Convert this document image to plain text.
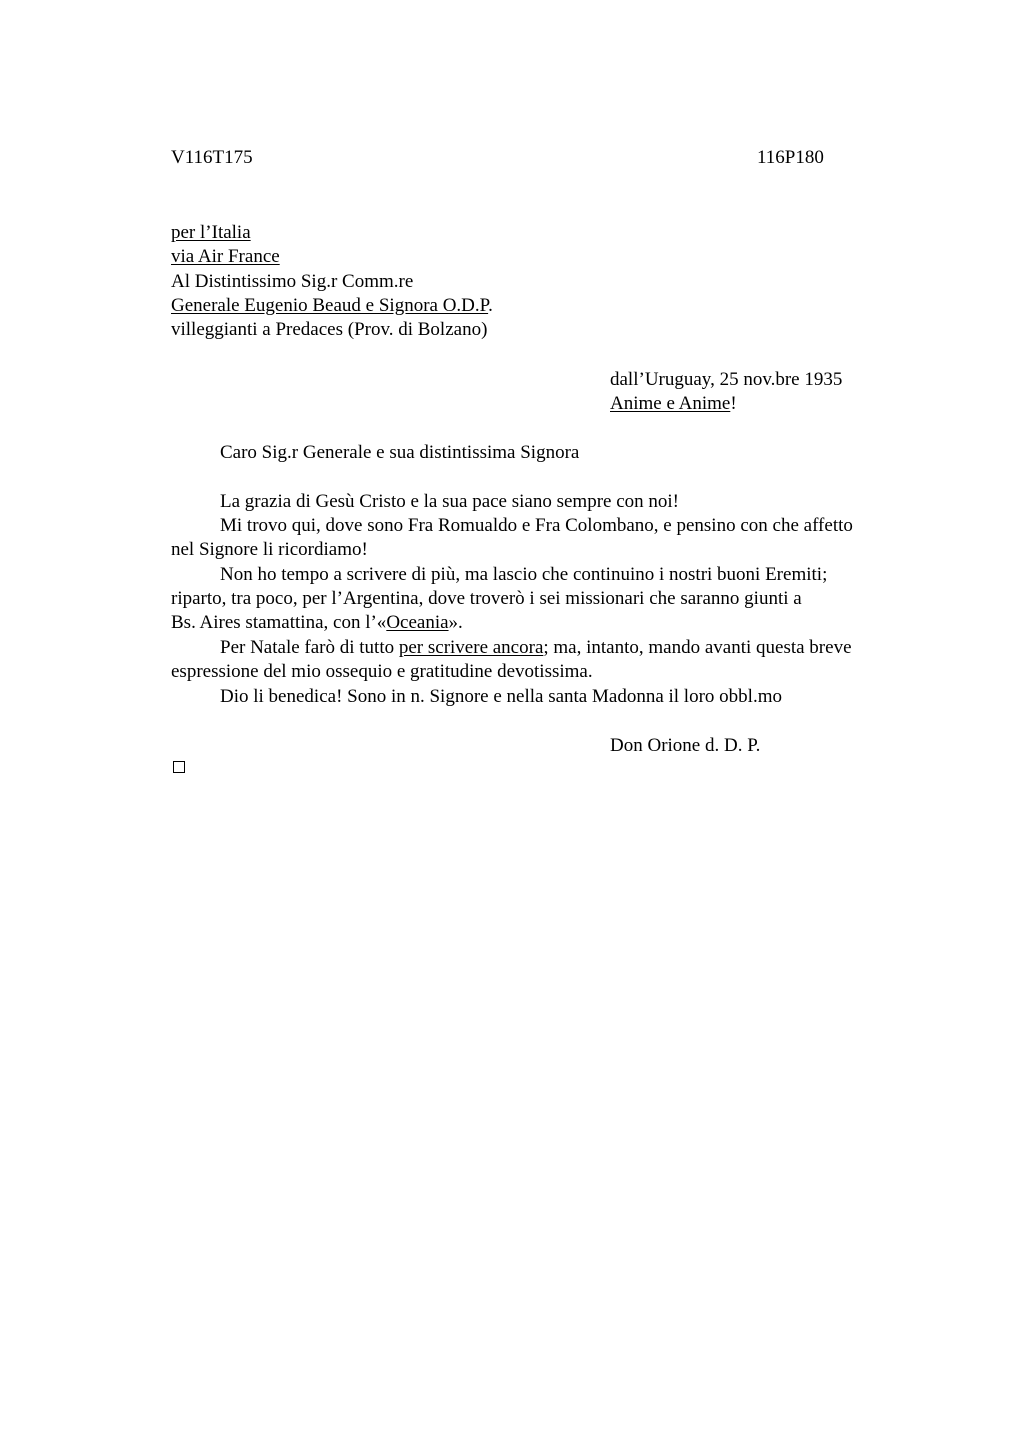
V116T175	116P180
per l’Italia
via Air France
Al Distintissimo Sig.r Comm.re
Generale Eugenio Beaud e Signora O.D.P.
villeggianti a Predaces (Prov. di Bolzano)
dall’Uruguay, 25 nov.bre 1935
Anime e Anime!
Caro Sig.r Generale e sua distintissima Signora
La grazia di Gesù Cristo e la sua pace siano sempre con noi!
Mi trovo qui, dove sono Fra Romualdo e Fra Colombano, e pensino con che affetto
nel Signore li ricordiamo!
Non ho tempo a scrivere di più, ma lascio che continuino i nostri buoni Eremiti;
riparto, tra poco, per l’Argentina, dove troverò i sei missionari che saranno giunti a
Bs. Aires stamattina, con l’«Oceania».
Per Natale farò di tutto per scrivere ancora; ma, intanto, mando avanti questa breve
espressione del mio ossequio e gratitudine devotissima.
Dio li benedica! Sono in n. Signore e nella santa Madonna il loro obbl.mo
Don Orione d. D. P.
